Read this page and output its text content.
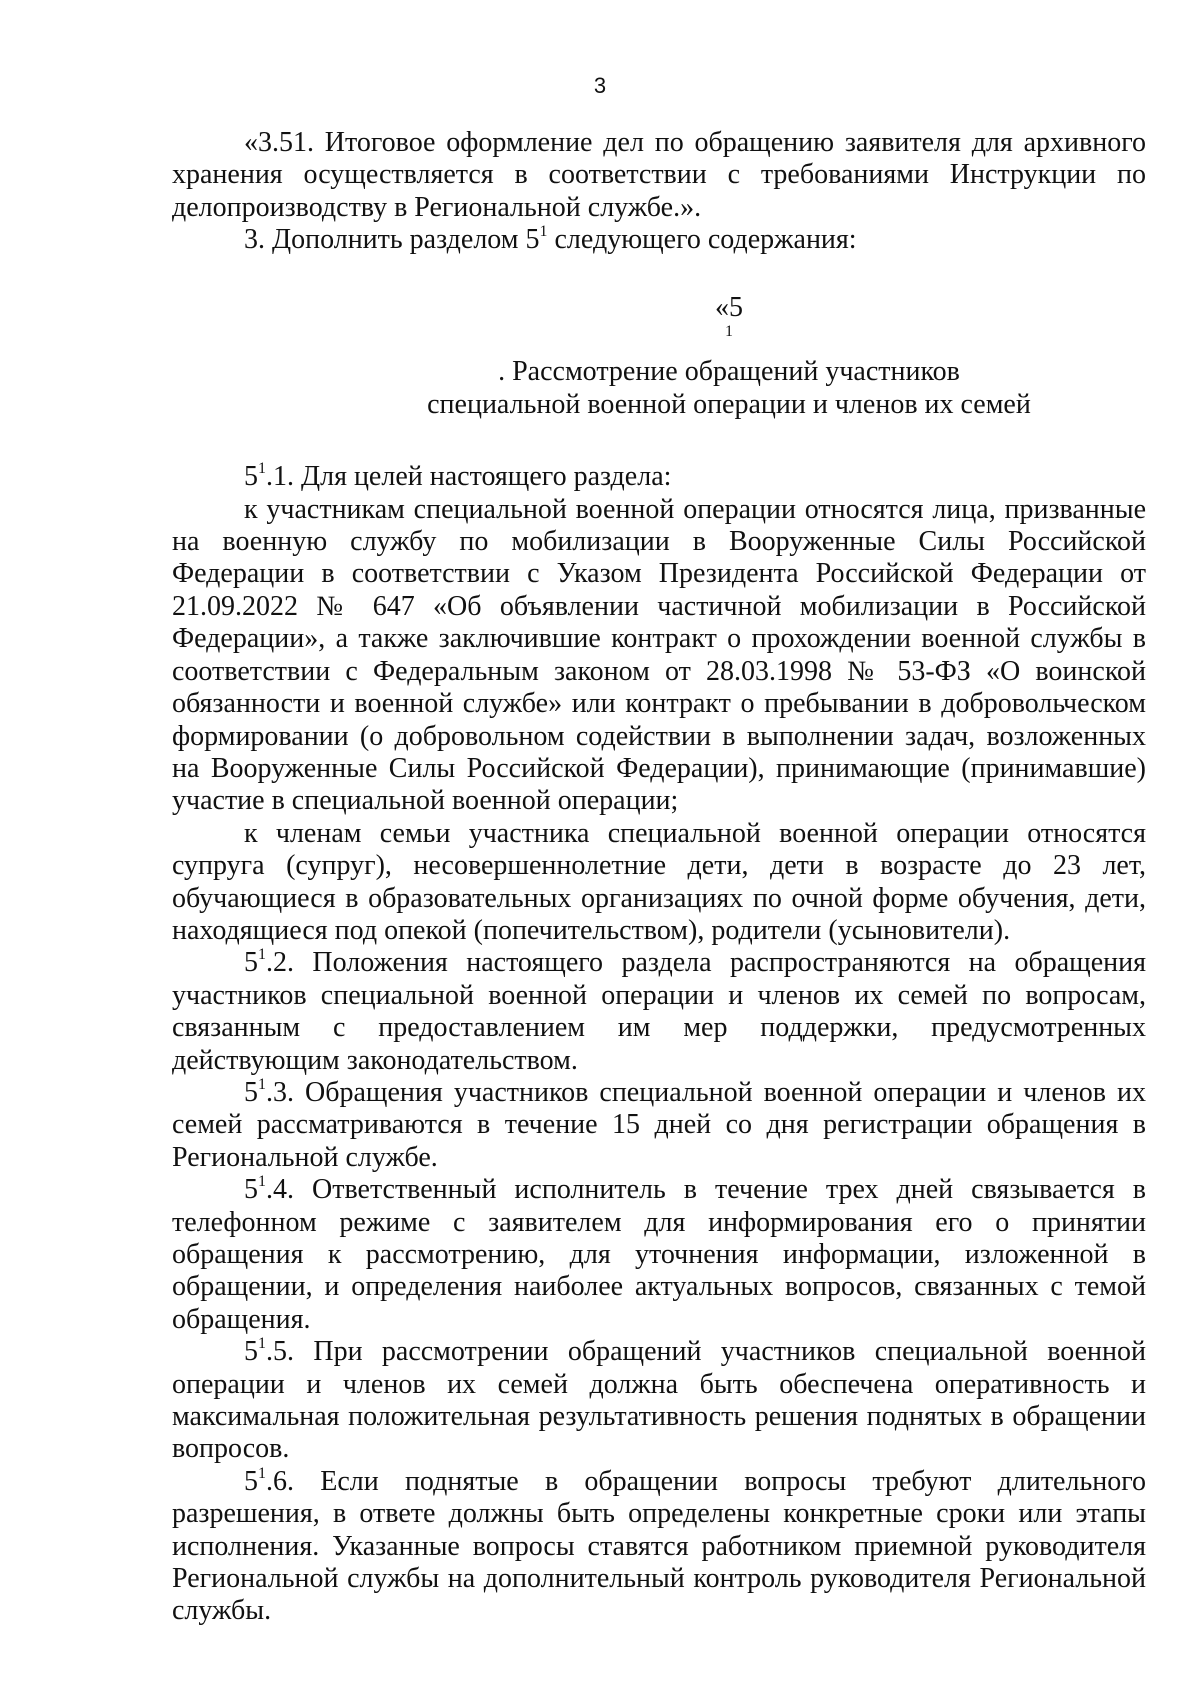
3

«3.51. Итоговое оформление дел по обращению заявителя для архивного хранения осуществляется в соответствии с требованиями Инструкции по делопроизводству в Региональной службе.».

3. Дополнить разделом $5^1$ следующего содержания:

«5
$^1$
. Рассмотрение обращений участников
специальной военной операции и членов их семей

$5^1.1$. Для целей настоящего раздела:

к участникам специальной военной операции относятся лица, призванные на военную службу по мобилизации в Вооруженные Силы Российской Федерации в соответствии с Указом Президента Российской Федерации от 21.09.2022 № 647 «Об объявлении частичной мобилизации в Российской Федерации», а также заключившие контракт о прохождении военной службы в соответствии с Федеральным законом от 28.03.1998 № 53-ФЗ «О воинской обязанности и военной службе» или контракт о пребывании в добровольческом формировании (о добровольном содействии в выполнении задач, возложенных на Вооруженные Силы Российской Федерации), принимающие (принимавшие) участие в специальной военной операции;

к членам семьи участника специальной военной операции относятся супруга (супруг), несовершеннолетние дети, дети в возрасте до 23 лет, обучающиеся в образовательных организациях по очной форме обучения, дети, находящиеся под опекой (попечительством), родители (усыновители).

$5^1.2$. Положения настоящего раздела распространяются на обращения участников специальной военной операции и членов их семей по вопросам, связанным с предоставлением им мер поддержки, предусмотренных действующим законодательством.

$5^1.3$. Обращения участников специальной военной операции и членов их семей рассматриваются в течение 15 дней со дня регистрации обращения в Региональной службе.

$5^1.4$. Ответственный исполнитель в течение трех дней связывается в телефонном режиме с заявителем для информирования его о принятии обращения к рассмотрению, для уточнения информации, изложенной в обращении, и определения наиболее актуальных вопросов, связанных с темой обращения.

$5^1.5$. При рассмотрении обращений участников специальной военной операции и членов их семей должна быть обеспечена оперативность и максимальная положительная результативность решения поднятых в обращении вопросов.

$5^1.6$. Если поднятые в обращении вопросы требуют длительного разрешения, в ответе должны быть определены конкретные сроки или этапы исполнения. Указанные вопросы ставятся работником приемной руководителя Региональной службы на дополнительный контроль руководителя Региональной службы.
